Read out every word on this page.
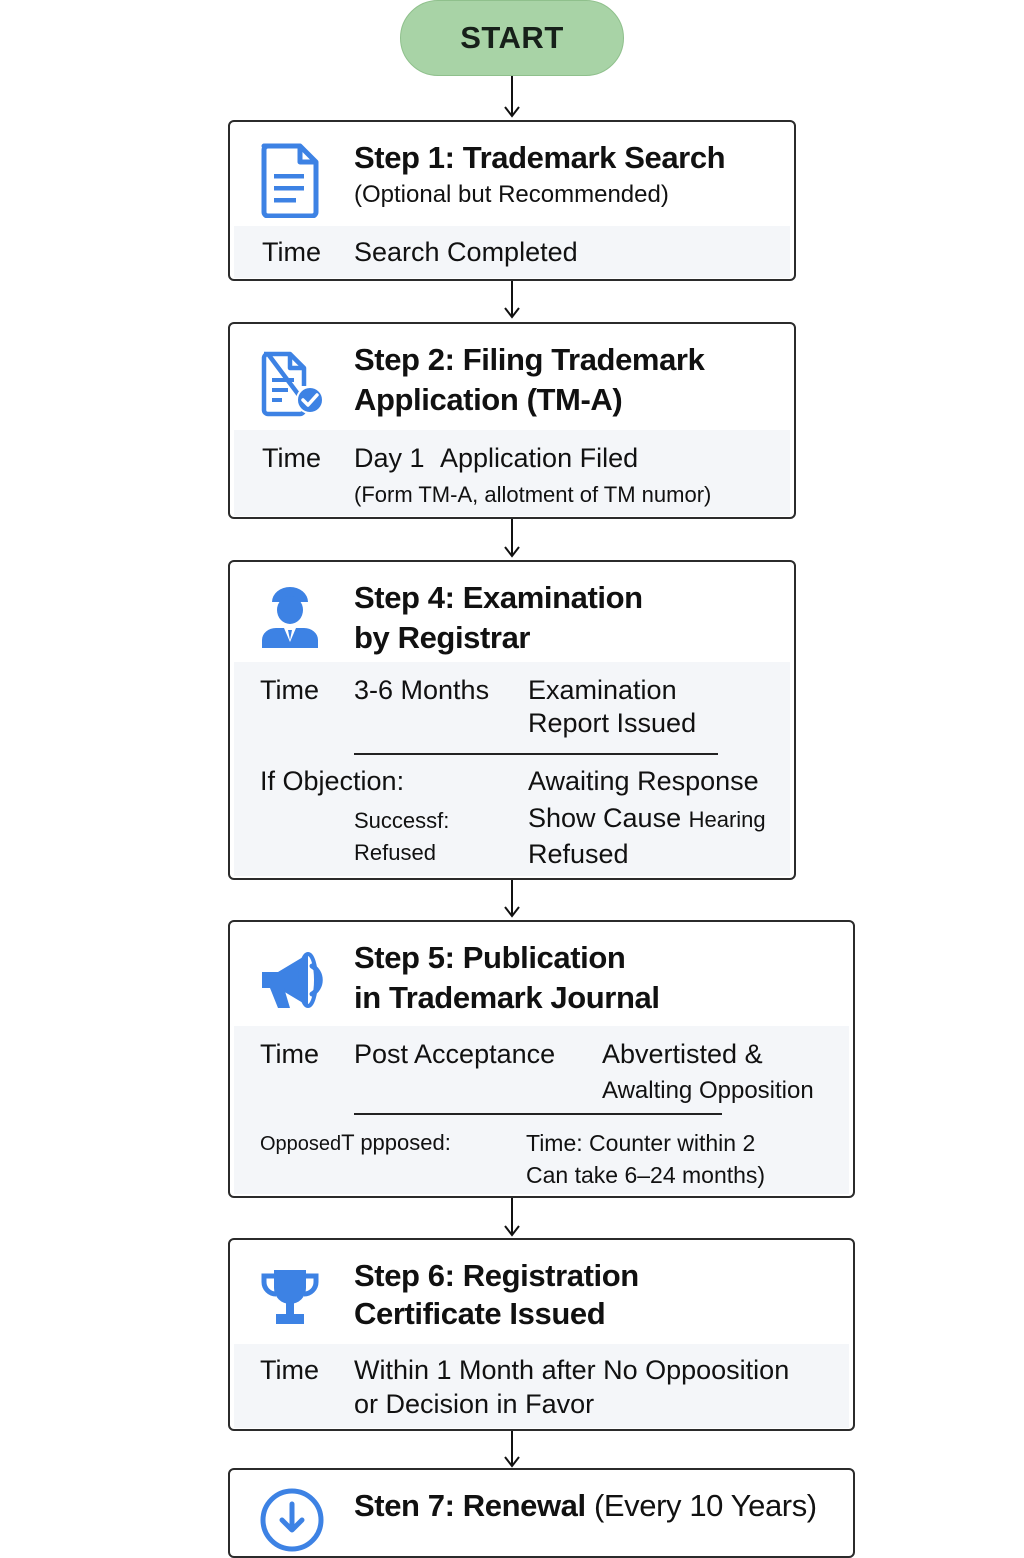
START
Step 1: Trademark Search
(Optional but Recommended)
Time Search Completed
Step 2: Filing Trademark
Application (TM-A)
Time Day 1 Application Filed
(Form TM-A, allotment of TM numor)
Step 4: Examination
by Registrar
Time 3-6 Months Examination
Report Issued
If Objection:	Awaiting Response
Successf:	Show Cause Hearing
Refused	Refused
Step 5: Publication
in Trademark Journal
Time Post Acceptance Abvertisted &
Awalting Opposition
OpposedT ppposed:	Time: Counter within 2
Can take 6–24 months)
Step 6: Registration
Certificate Issued
Time Within 1 Month after No Oppoosition
or Decision in Favor
Sten 7: Renewal (Every 10 Years)
